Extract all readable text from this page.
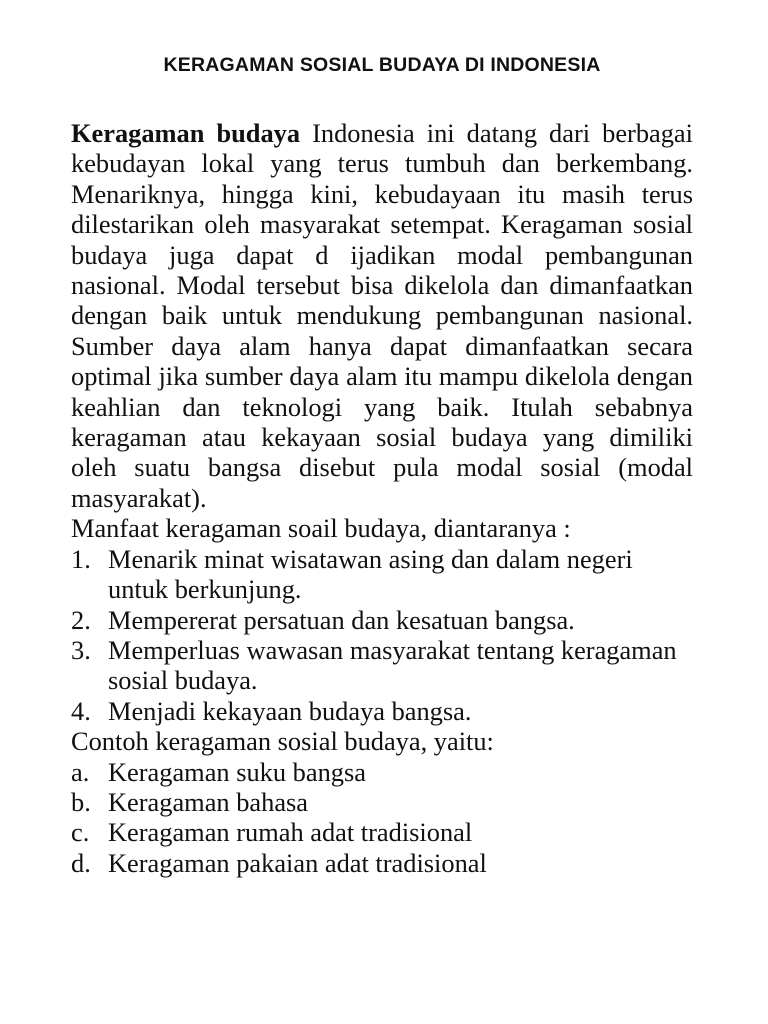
KERAGAMAN SOSIAL BUDAYA DI INDONESIA

Keragaman budaya Indonesia ini datang dari berbagai kebudayan lokal yang terus tumbuh dan berkembang. Menariknya, hingga kini, kebudayaan itu masih terus dilestarikan oleh masyarakat setempat. Keragaman sosial budaya juga dapat d ijadikan modal pembangunan nasional. Modal tersebut bisa dikelola dan dimanfaatkan dengan baik untuk mendukung pembangunan nasional. Sumber daya alam hanya dapat dimanfaatkan secara optimal jika sumber daya alam itu mampu dikelola dengan keahlian dan teknologi yang baik. Itulah sebabnya keragaman atau kekayaan sosial budaya yang dimiliki oleh suatu bangsa disebut pula modal sosial (modal masyarakat).

Manfaat keragaman soail budaya, diantaranya :

1. Menarik minat wisatawan asing dan dalam negeri untuk berkunjung.
2. Mempererat persatuan dan kesatuan bangsa.
3. Memperluas wawasan masyarakat tentang keragaman sosial budaya.
4. Menjadi kekayaan budaya bangsa.

Contoh keragaman sosial budaya, yaitu:

a. Keragaman suku bangsa
b. Keragaman bahasa
c. Keragaman rumah adat tradisional
d. Keragaman pakaian adat tradisional
